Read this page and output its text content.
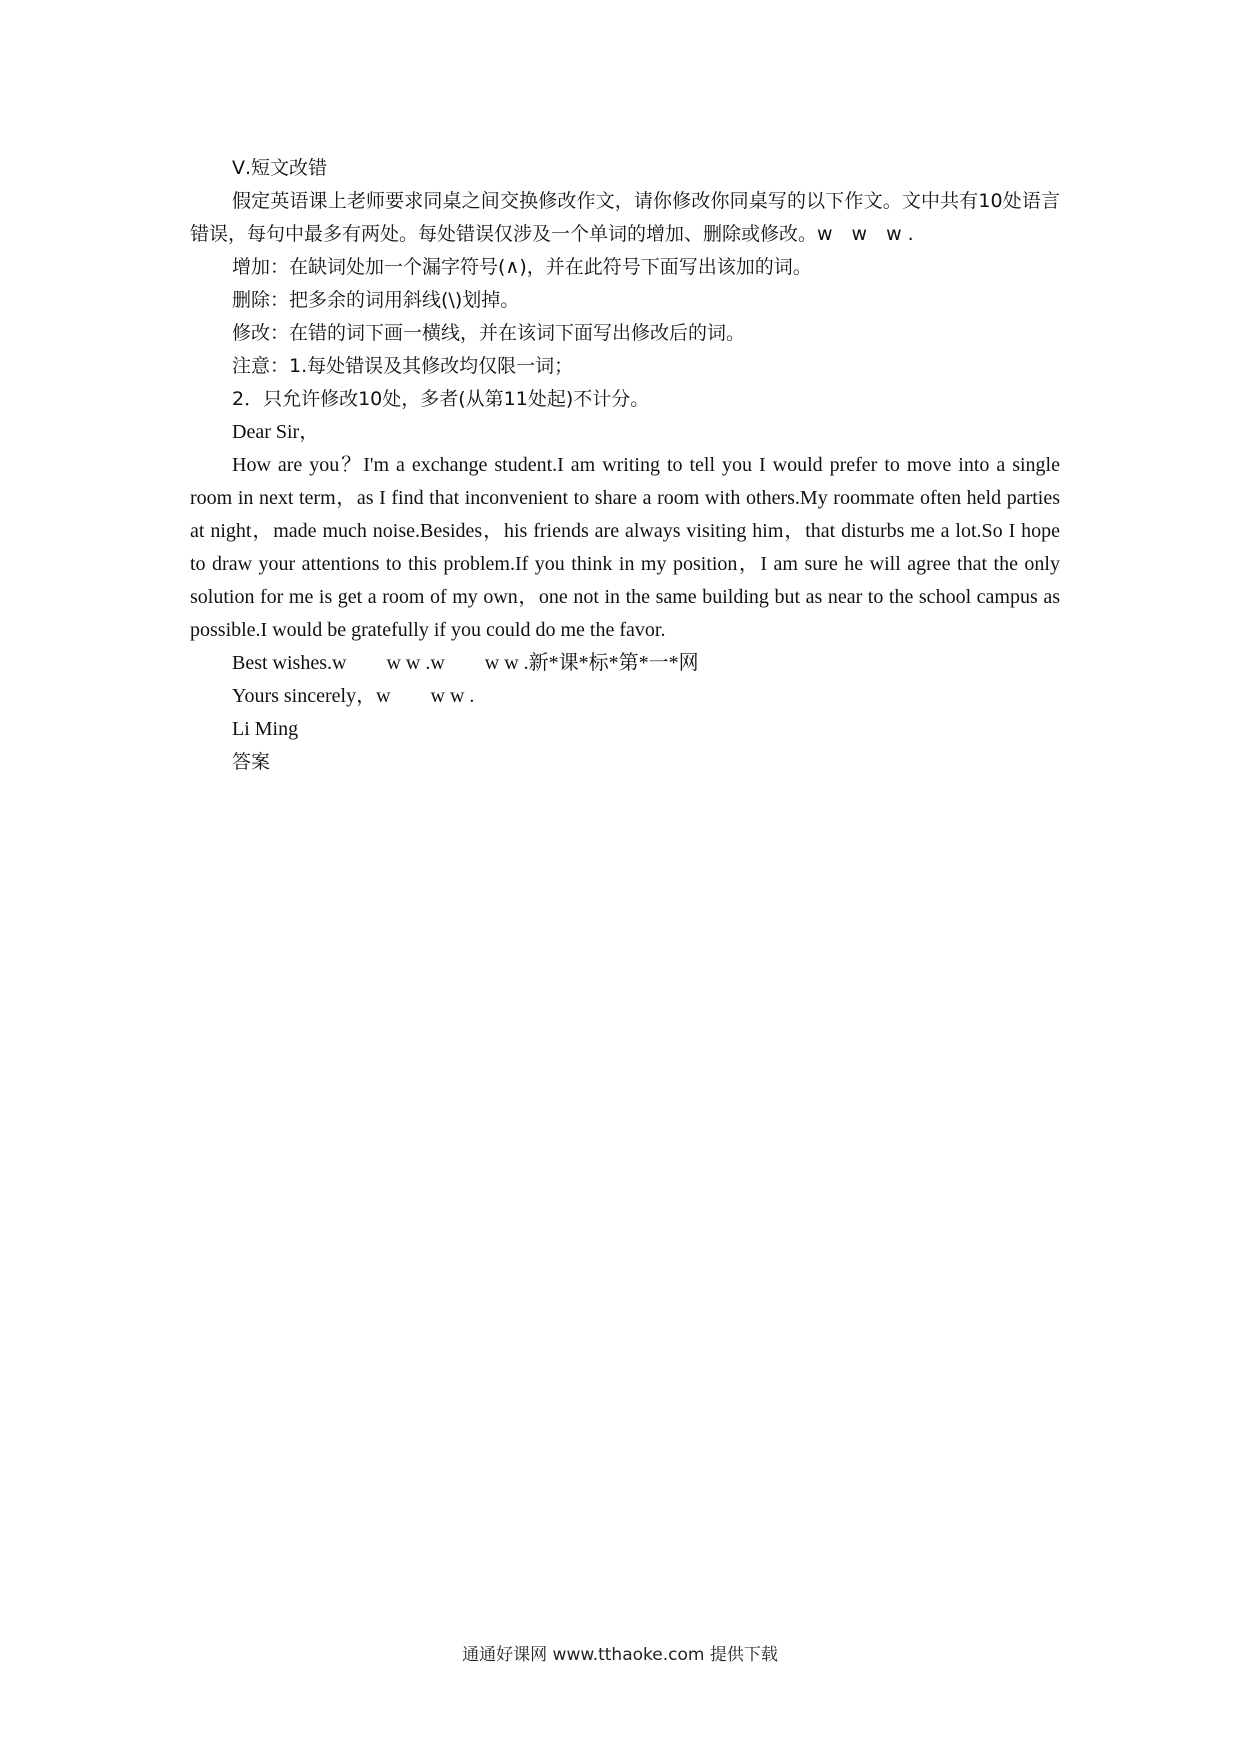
Ⅴ.短文改错

假定英语课上老师要求同桌之间交换修改作文，请你修改你同桌写的以下作文。文中共有10处语言错误，每句中最多有两处。每处错误仅涉及一个单词的增加、删除或修改。w　w　w .

增加：在缺词处加一个漏字符号(∧)，并在此符号下面写出该加的词。

删除：把多余的词用斜线(\)划掉。

修改：在错的词下画一横线，并在该词下面写出修改后的词。

注意：1.每处错误及其修改均仅限一词；

2．只允许修改10处，多者(从第11处起)不计分。

Dear Sir，

How are you？I'm a exchange student.I am writing to tell you I would prefer to move into a single room in next term，as I find that inconvenient to share a room with others.My roommate often held parties at night，made much noise.Besides，his friends are always visiting him，that disturbs me a lot.So I hope to draw your attentions to this problem.If you think in my position，I am sure he will agree that the only solution for me is get a room of my own，one not in the same building but as near to the school campus as possible.I would be gratefully if you could do me the favor.

Best wishes.w　　w w .w　　w w .新*课*标*第*一*网

Yours sincerely，w　　w w .

Li Ming

答案

通通好课网 www.tthaoke.com 提供下载
